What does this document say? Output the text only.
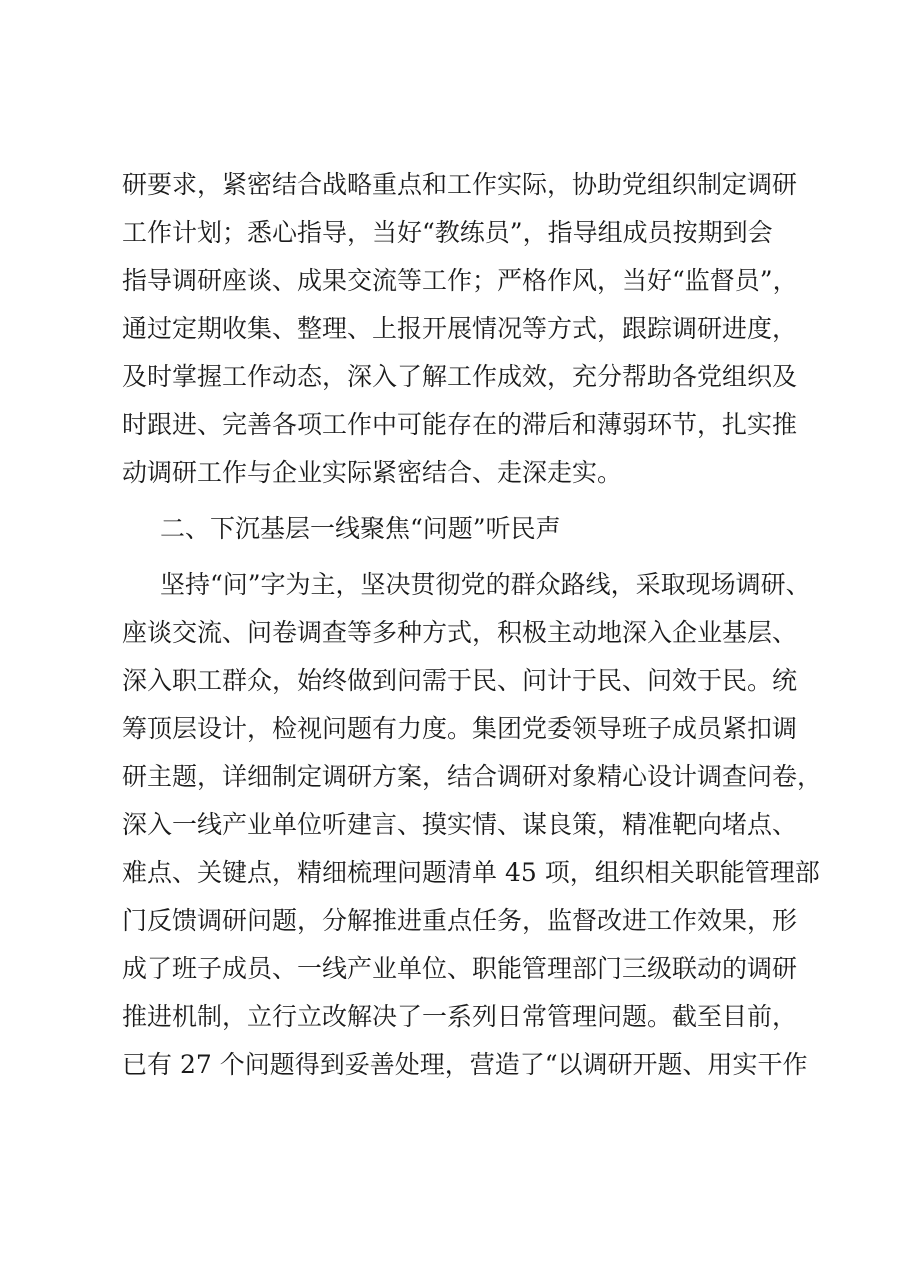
研要求，紧密结合战略重点和工作实际，协助党组织制定调研
工作计划；悉心指导，当好“教练员”，指导组成员按期到会
指导调研座谈、成果交流等工作；严格作风，当好“监督员”，
通过定期收集、整理、上报开展情况等方式，跟踪调研进度，
及时掌握工作动态，深入了解工作成效，充分帮助各党组织及
时跟进、完善各项工作中可能存在的滞后和薄弱环节，扎实推
动调研工作与企业实际紧密结合、走深走实。
二、下沉基层一线聚焦“问题”听民声
坚持“问”字为主，坚决贯彻党的群众路线，采取现场调研、
座谈交流、问卷调查等多种方式，积极主动地深入企业基层、
深入职工群众，始终做到问需于民、问计于民、问效于民。统
筹顶层设计，检视问题有力度。集团党委领导班子成员紧扣调
研主题，详细制定调研方案，结合调研对象精心设计调查问卷，
深入一线产业单位听建言、摸实情、谋良策，精准靶向堵点、
难点、关键点，精细梳理问题清单 45 项，组织相关职能管理部
门反馈调研问题，分解推进重点任务，监督改进工作效果，形
成了班子成员、一线产业单位、职能管理部门三级联动的调研
推进机制，立行立改解决了一系列日常管理问题。截至目前，
已有 27 个问题得到妥善处理，营造了“以调研开题、用实干作
